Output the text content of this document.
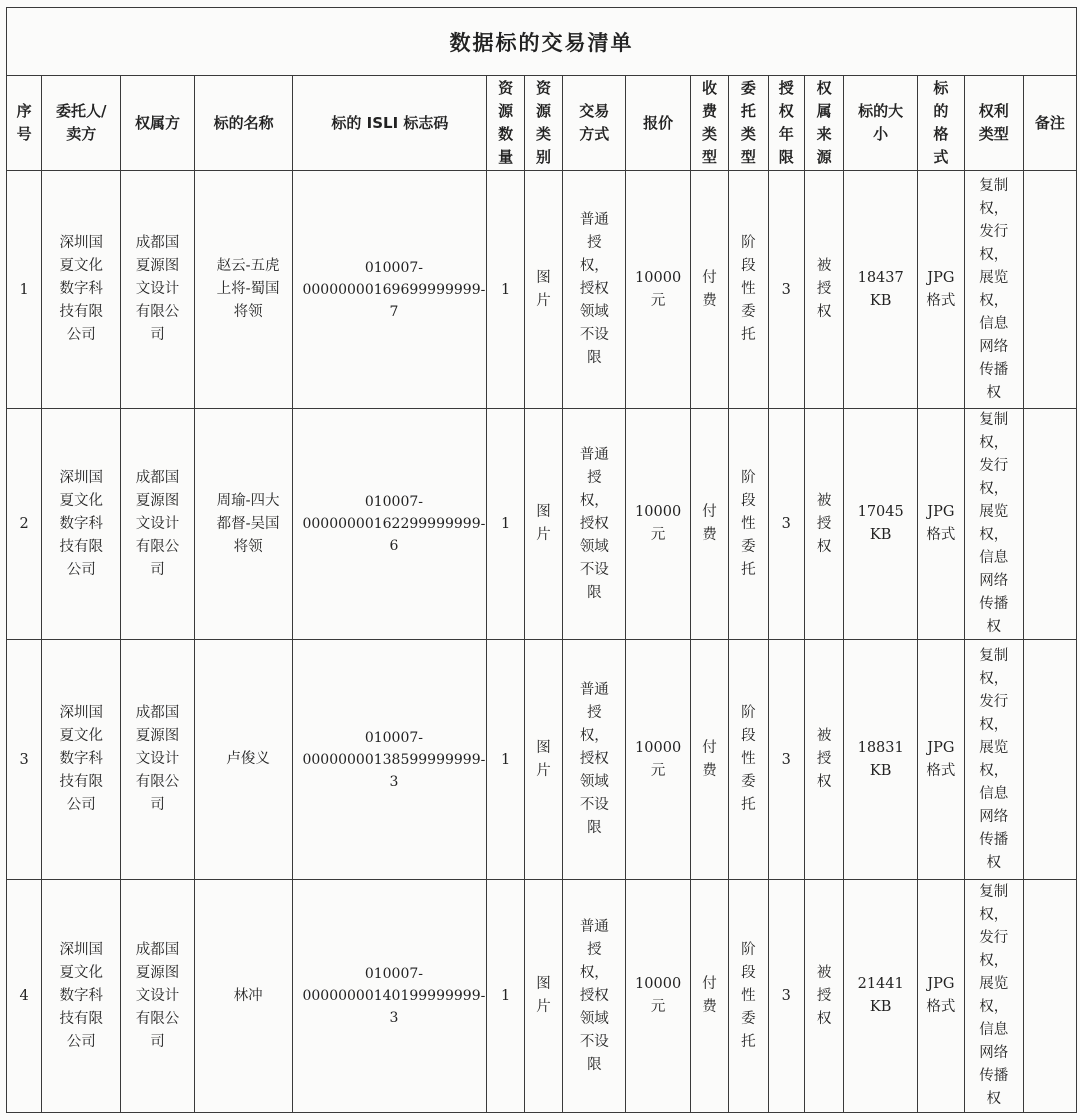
数据标的交易清单																

序号	委托人/卖方	权属方	标的名称	标的 ISLI 标志码	资源数量	资源类别	交易方式	报价	收费类型	委托类型	授权年限	权属来源	标的大小	标的格式	权利类型	备注
1	深圳国夏文化数字科技有限公司	成都国夏源图文设计有限公司	赵云-五虎上将-蜀国将领	010007-00000000169699999999-7	1	图片	普通授权，授权领域不设限	10000元	付费	阶段性委托	3	被授权	18437KB	JPG格式	复制权，发行权，展览权，信息网络传播权	

2	深圳国夏文化数字科技有限公司	成都国夏源图文设计有限公司	周瑜-四大都督-吴国将领	010007-00000000162299999999-6	1	图片	普通授权，授权领域不设限	10000元	付费	阶段性委托	3	被授权	17045KB	JPG格式	复制权，发行权，展览权，信息网络传播权	

3	深圳国夏文化数字科技有限公司	成都国夏源图文设计有限公司	卢俊义	010007-00000000138599999999-3	1	图片	普通授权，授权领域不设限	10000元	付费	阶段性委托	3	被授权	18831KB	JPG格式	复制权，发行权，展览权，信息网络传播权	

4	深圳国夏文化数字科技有限公司	成都国夏源图文设计有限公司	林冲	010007-00000000140199999999-3	1	图片	普通授权，授权领域不设限	10000元	付费	阶段性委托	3	被授权	21441KB	JPG格式	复制权，发行权，展览权，信息网络传播权	
